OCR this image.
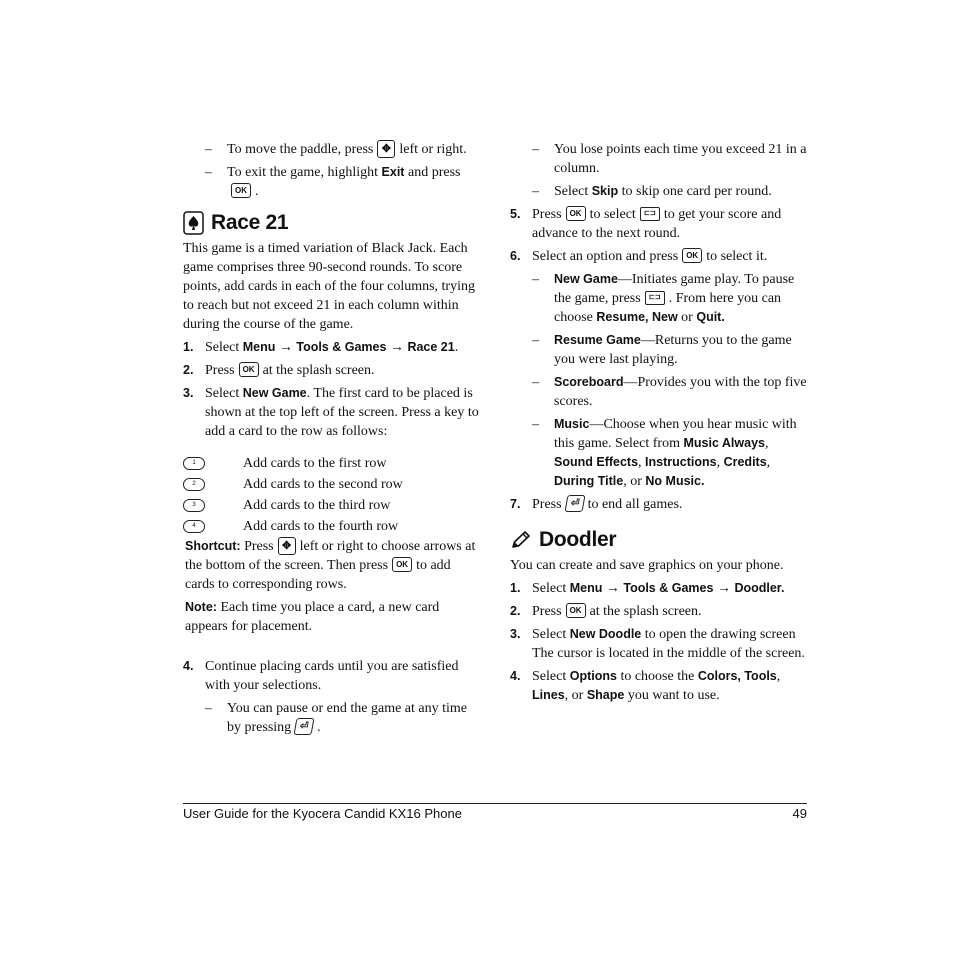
– To move the paddle, press ✥ left or right.
– To exit the game, highlight Exit and press
OK .
Race 21
This game is a timed variation of Black Jack. Each game comprises three 90-second rounds. To score points, add cards in each of the four columns, trying to reach but not exceed 21 in each column within during the course of the game.
1. Select Menu → Tools & Games → Race 21.
2. Press OK at the splash screen.
3. Select New Game. The first card to be placed is shown at the top left of the screen. Press a key to add a card to the row as follows:
1	Add cards to the first row
2	Add cards to the second row
3	Add cards to the third row
4	Add cards to the fourth row
Shortcut: Press ✥ left or right to choose arrows at the bottom of the screen. Then press OK to add cards to corresponding rows.
Note: Each time you place a card, a new card appears for placement.
4. Continue placing cards until you are satisfied with your selections.
– You can pause or end the game at any time by pressing ⏎ .
– You lose points each time you exceed 21 in a column.
– Select Skip to skip one card per round.
5. Press OK to select ⊏⊐ to get your score and advance to the next round.
6. Select an option and press OK to select it.
– New Game—Initiates game play. To pause the game, press ⊏⊐ . From here you can choose Resume, New or Quit.
– Resume Game—Returns you to the game you were last playing.
– Scoreboard—Provides you with the top five scores.
– Music—Choose when you hear music with this game. Select from Music Always, Sound Effects, Instructions, Credits, During Title, or No Music.
7. Press ⏎ to end all games.
Doodler
You can create and save graphics on your phone.
1. Select Menu → Tools & Games → Doodler.
2. Press OK at the splash screen.
3. Select New Doodle to open the drawing screen The cursor is located in the middle of the screen.
4. Select Options to choose the Colors, Tools, Lines, or Shape you want to use.
User Guide for the Kyocera Candid KX16 Phone	49
